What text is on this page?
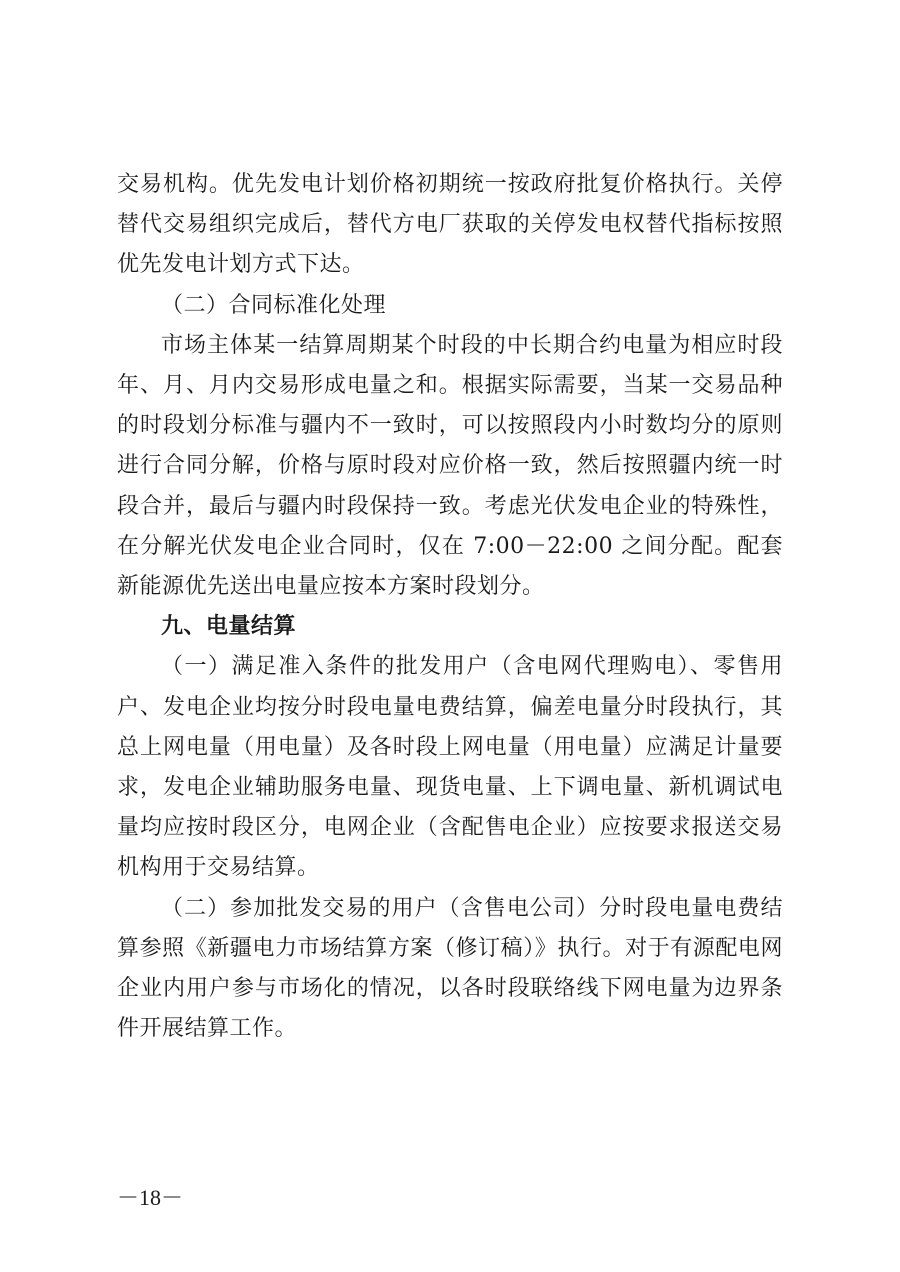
交易机构。优先发电计划价格初期统一按政府批复价格执行。关停替代交易组织完成后，替代方电厂获取的关停发电权替代指标按照优先发电计划方式下达。

（二）合同标准化处理

市场主体某一结算周期某个时段的中长期合约电量为相应时段年、月、月内交易形成电量之和。根据实际需要，当某一交易品种的时段划分标准与疆内不一致时，可以按照段内小时数均分的原则进行合同分解，价格与原时段对应价格一致，然后按照疆内统一时段合并，最后与疆内时段保持一致。考虑光伏发电企业的特殊性，在分解光伏发电企业合同时，仅在 7:00－22:00 之间分配。配套新能源优先送出电量应按本方案时段划分。

九、电量结算

（一）满足准入条件的批发用户（含电网代理购电）、零售用户、发电企业均按分时段电量电费结算，偏差电量分时段执行，其总上网电量（用电量）及各时段上网电量（用电量）应满足计量要求，发电企业辅助服务电量、现货电量、上下调电量、新机调试电量均应按时段区分，电网企业（含配售电企业）应按要求报送交易机构用于交易结算。

（二）参加批发交易的用户（含售电公司）分时段电量电费结算参照《新疆电力市场结算方案（修订稿）》执行。对于有源配电网企业内用户参与市场化的情况，以各时段联络线下网电量为边界条件开展结算工作。

－18－
